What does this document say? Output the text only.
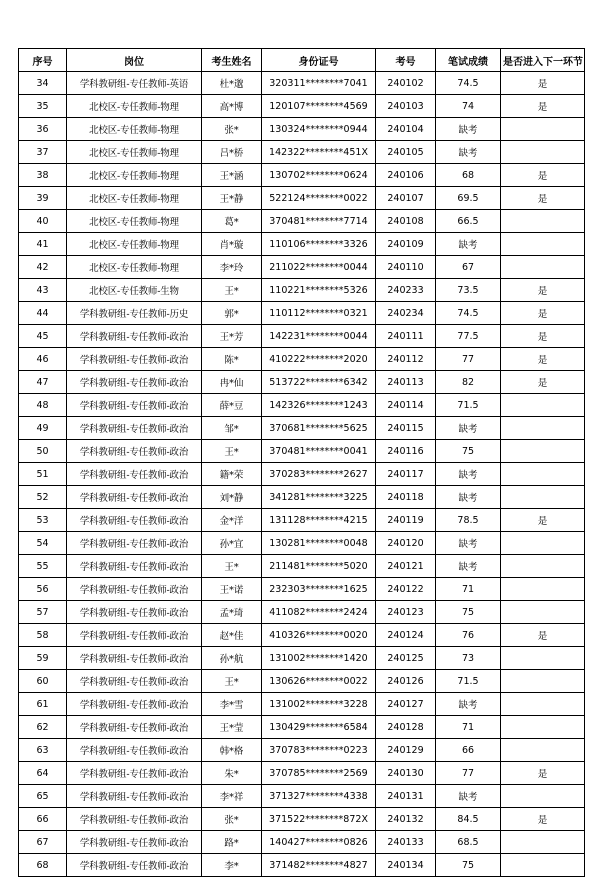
序号	岗位	考生姓名	身份证号	考号	笔试成绩	是否进入下一环节
34	学科教研组-专任教师-英语	杜*邈	320311********7041	240102	74.5	是
35	北校区-专任教师-物理	高*博	120107********4569	240103	74	是
36	北校区-专任教师-物理	张*	130324********0944	240104	缺考	
37	北校区-专任教师-物理	吕*桥	142322********451X	240105	缺考	
38	北校区-专任教师-物理	王*涵	130702********0624	240106	68	是
39	北校区-专任教师-物理	王*静	522124********0022	240107	69.5	是
40	北校区-专任教师-物理	葛*	370481********7714	240108	66.5	
41	北校区-专任教师-物理	肖*璇	110106********3326	240109	缺考	
42	北校区-专任教师-物理	李*玲	211022********0044	240110	67	
43	北校区-专任教师-生物	王*	110221********5326	240233	73.5	是
44	学科教研组-专任教师-历史	郭*	110112********0321	240234	74.5	是
45	学科教研组-专任教师-政治	王*芳	142231********0044	240111	77.5	是
46	学科教研组-专任教师-政治	陈*	410222********2020	240112	77	是
47	学科教研组-专任教师-政治	冉*仙	513722********6342	240113	82	是
48	学科教研组-专任教师-政治	薛*豆	142326********1243	240114	71.5	
49	学科教研组-专任教师-政治	邹*	370681********5625	240115	缺考	
50	学科教研组-专任教师-政治	王*	370481********0041	240116	75	
51	学科教研组-专任教师-政治	籍*荣	370283********2627	240117	缺考	
52	学科教研组-专任教师-政治	刘*静	341281********3225	240118	缺考	
53	学科教研组-专任教师-政治	金*洋	131128********4215	240119	78.5	是
54	学科教研组-专任教师-政治	孙*宜	130281********0048	240120	缺考	
55	学科教研组-专任教师-政治	王*	211481********5020	240121	缺考	
56	学科教研组-专任教师-政治	王*诺	232303********1625	240122	71	
57	学科教研组-专任教师-政治	孟*琦	411082********2424	240123	75	
58	学科教研组-专任教师-政治	赵*佳	410326********0020	240124	76	是
59	学科教研组-专任教师-政治	孙*航	131002********1420	240125	73	
60	学科教研组-专任教师-政治	王*	130626********0022	240126	71.5	
61	学科教研组-专任教师-政治	李*雪	131002********3228	240127	缺考	
62	学科教研组-专任教师-政治	王*莹	130429********6584	240128	71	
63	学科教研组-专任教师-政治	韩*格	370783********0223	240129	66	
64	学科教研组-专任教师-政治	朱*	370785********2569	240130	77	是
65	学科教研组-专任教师-政治	李*祥	371327********4338	240131	缺考	
66	学科教研组-专任教师-政治	张*	371522********872X	240132	84.5	是
67	学科教研组-专任教师-政治	路*	140427********0826	240133	68.5	
68	学科教研组-专任教师-政治	李*	371482********4827	240134	75	
